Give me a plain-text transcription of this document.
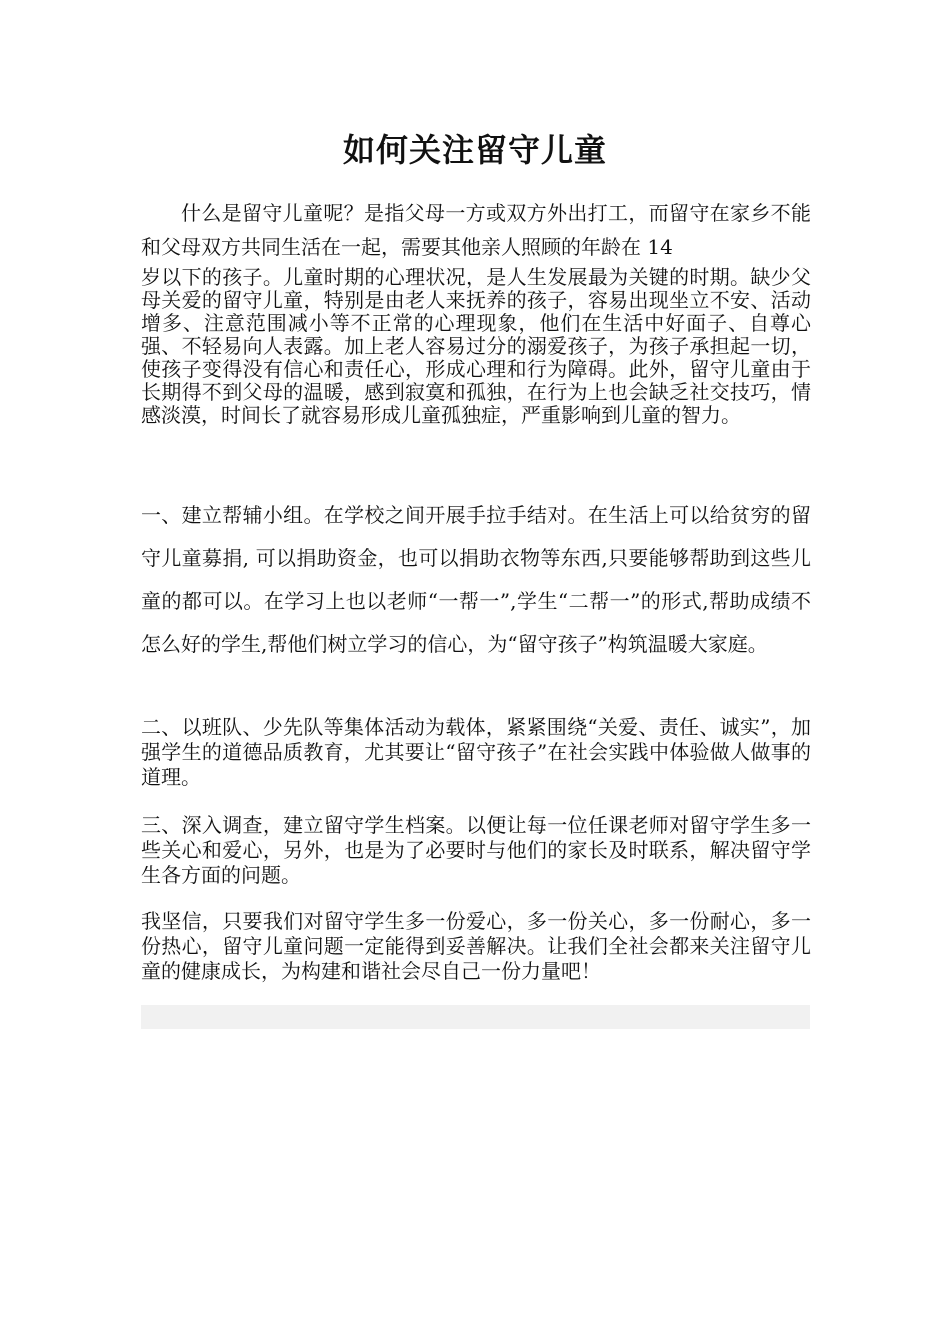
如何关注留守儿童
什么是留守儿童呢？是指父母一方或双方外出打工，而留守在家乡不能和父母双方共同生活在一起，需要其他亲人照顾的年龄在 14
岁以下的孩子。儿童时期的心理状况，是人生发展最为关键的时期。缺少父母关爱的留守儿童，特别是由老人来抚养的孩子，容易出现坐立不安、活动增多、注意范围减小等不正常的心理现象，他们在生活中好面子、自尊心强、不轻易向人表露。加上老人容易过分的溺爱孩子，为孩子承担起一切，使孩子变得没有信心和责任心，形成心理和行为障碍。此外，留守儿童由于长期得不到父母的温暖，感到寂寞和孤独，在行为上也会缺乏社交技巧，情感淡漠，时间长了就容易形成儿童孤独症，严重影响到儿童的智力。
一、建立帮辅小组。在学校之间开展手拉手结对。在生活上可以给贫穷的留守儿童募捐, 可以捐助资金，也可以捐助衣物等东西,只要能够帮助到这些儿童的都可以。在学习上也以老师“一帮一”,学生“二帮一”的形式,帮助成绩不怎么好的学生,帮他们树立学习的信心，为“留守孩子”构筑温暖大家庭。
二、以班队、少先队等集体活动为载体，紧紧围绕“关爱、责任、诚实”，加强学生的道德品质教育，尤其要让“留守孩子”在社会实践中体验做人做事的道理。
三、深入调查，建立留守学生档案。以便让每一位任课老师对留守学生多一些关心和爱心，另外，也是为了必要时与他们的家长及时联系，解决留守学生各方面的问题。
我坚信，只要我们对留守学生多一份爱心，多一份关心，多一份耐心，多一份热心，留守儿童问题一定能得到妥善解决。让我们全社会都来关注留守儿童的健康成长，为构建和谐社会尽自己一份力量吧！
